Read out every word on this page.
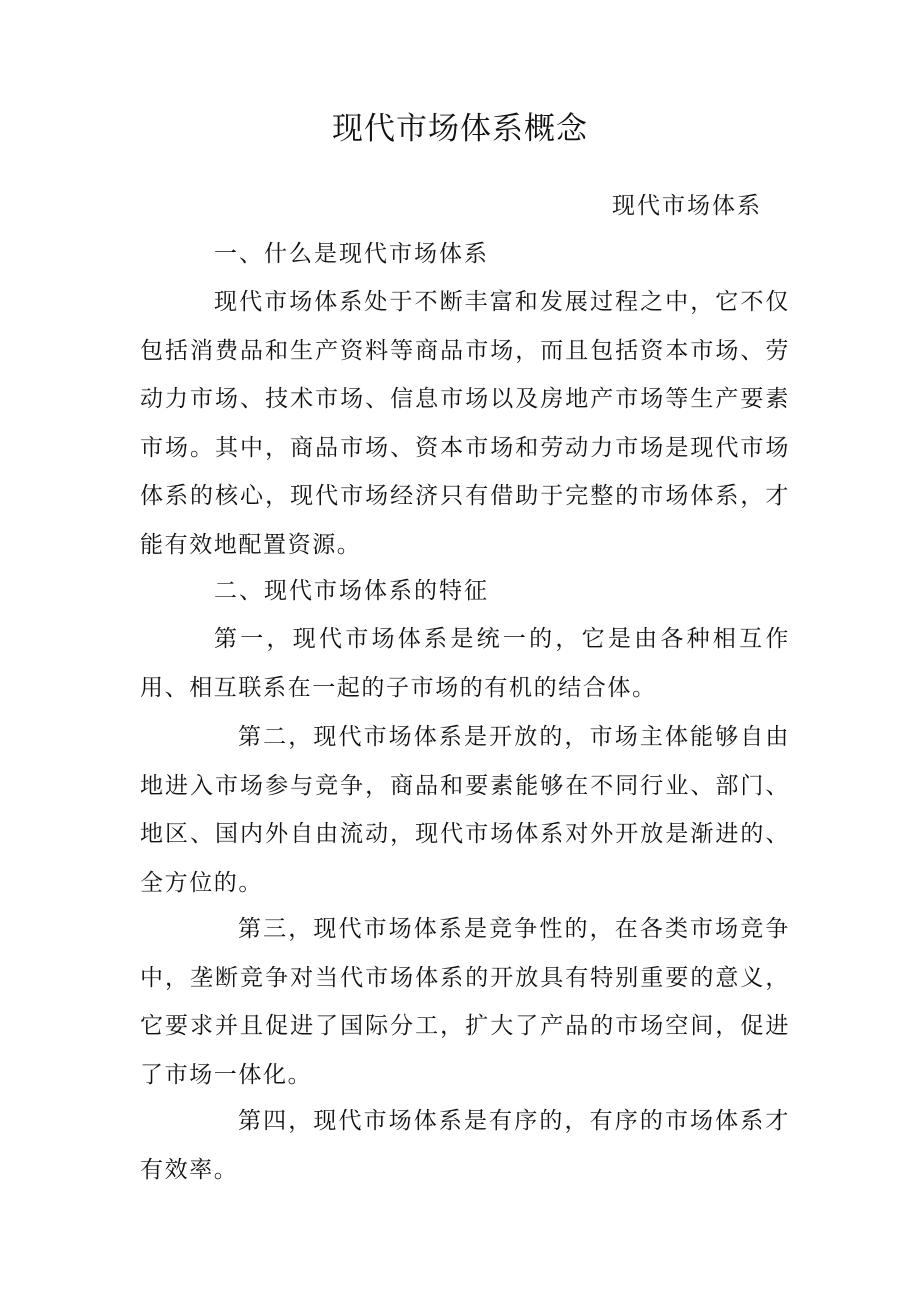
现代市场体系概念
现代市场体系
一、什么是现代市场体系

现代市场体系处于不断丰富和发展过程之中，它不仅包括消费品和生产资料等商品市场，而且包括资本市场、劳动力市场、技术市场、信息市场以及房地产市场等生产要素市场。其中，商品市场、资本市场和劳动力市场是现代市场体系的核心，现代市场经济只有借助于完整的市场体系，才能有效地配置资源。

二、现代市场体系的特征

第一，现代市场体系是统一的，它是由各种相互作用、相互联系在一起的子市场的有机的结合体。

第二，现代市场体系是开放的，市场主体能够自由地进入市场参与竞争，商品和要素能够在不同行业、部门、地区、国内外自由流动，现代市场体系对外开放是渐进的、全方位的。

第三，现代市场体系是竞争性的，在各类市场竞争中，垄断竞争对当代市场体系的开放具有特别重要的意义，它要求并且促进了国际分工，扩大了产品的市场空间，促进了市场一体化。

第四，现代市场体系是有序的，有序的市场体系才有效率。
